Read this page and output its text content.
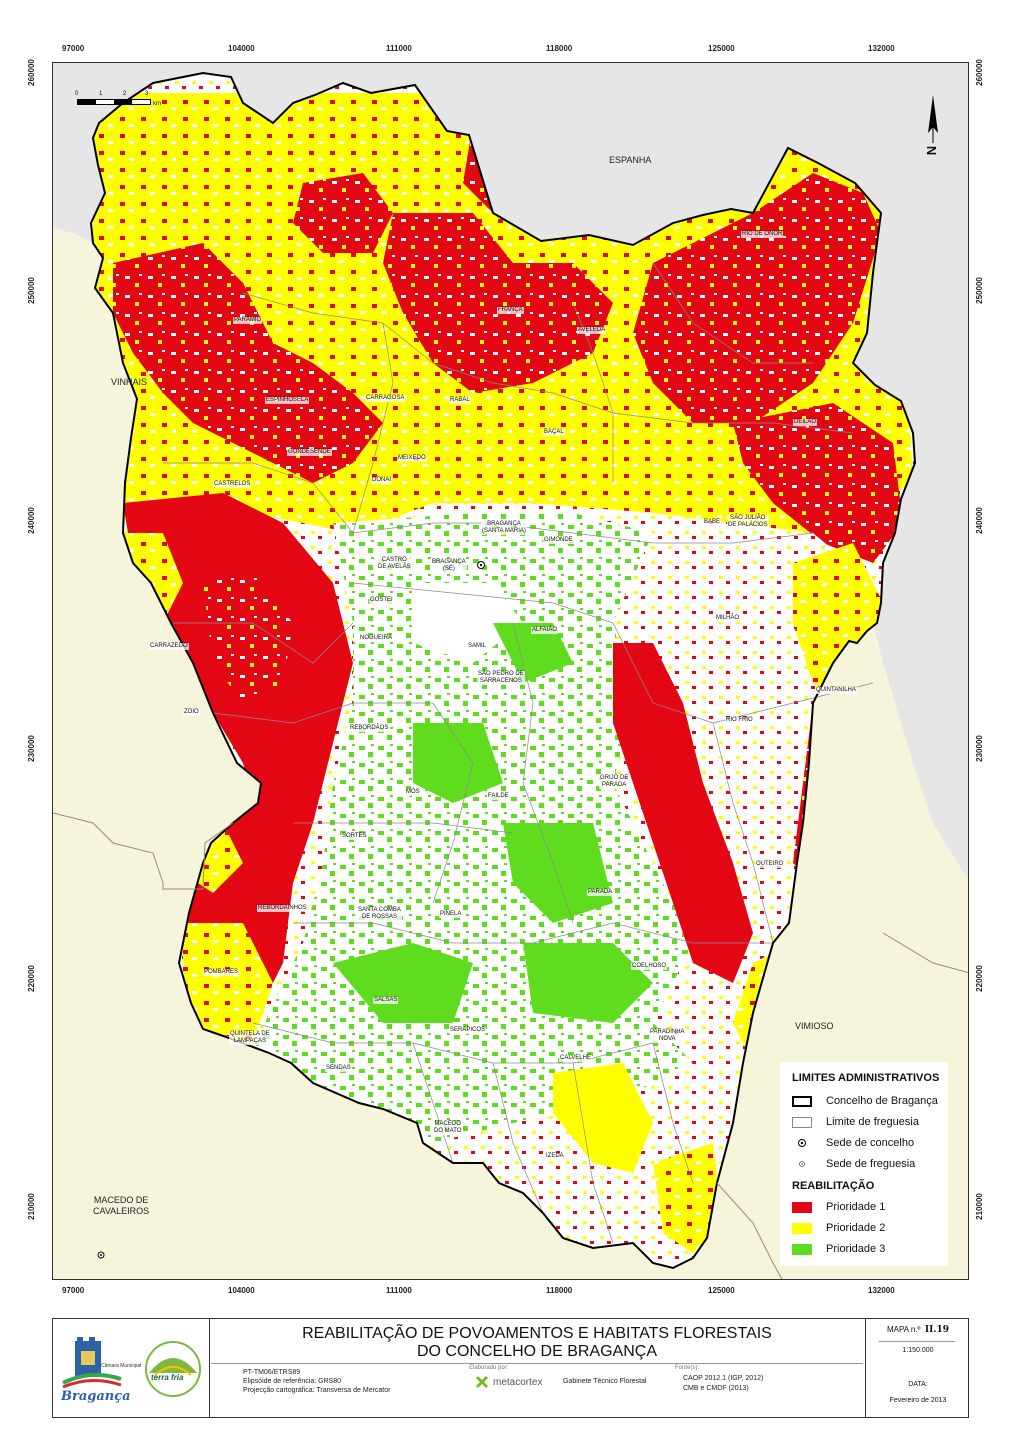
0	1	2	3
km
N
ESPANHA
VINHAIS
VIMIOSO
MACEDO DE
CAVALEIROS
RIO DE ONOR
FRANÇA
AVELEDA
PARÂMIO
ESPINHOSELA	CARRAGOSA	RABAL
BAÇAL
DEILÃO
GONDESENDE
MEIXEDO
DONAI
CASTRELOS
BABE
SÃO JULIÃO
DE PALÁCIOS
BRAGANÇA
(SANTA MARIA)
CASTRO
DE AVELÃS
BRAGANÇA
(SÉ)
GIMONDE
GOSTEI
MILHÃO
NOGUEIRA
SAMIL
ALFAIÃO
CARRAZEDO
SÃO PEDRO DE
SARRACENOS
QUINTANILHA
ZOIO
REBORDÃOS
RIO FRIO
GRIJÓ DE
PARADA
MÓS
FAILDE
SORTES
OUTEIRO
PARADA
REBORDAINHOS	SANTA COMBA
DE ROSSAS	PINELA
COELHOSO
POMBARES
SALSAS
QUINTELA DE
LAMPAÇAS
SERAPICOS	PARADINHA
NOVA
SENDAS
CALVELHE
MACEDO
DO MATO
IZEDA
97000	104000	111000	118000	125000	132000
97000	104000	111000	118000	125000	132000
260000
250000
240000
230000
220000
210000
260000
250000
240000
230000
220000
210000
LIMITES ADMINISTRATIVOS
Concelho de Bragança
Limite de freguesia
Sede de concelho
Sede de freguesia
REABILITAÇÃO
Prioridade 1
Prioridade 2
Prioridade 3
Câmara Municipal
Bragança
terra fria
REABILITAÇÃO DE POVOAMENTOS E HABITATS FLORESTAIS
DO CONCELHO DE BRAGANÇA
PT-TM06/ETRS89
Elipsóide de referência: GRS80
Projecção cartográfica: Transversa de Mercator
Elaborado por:
metacortex	Gabinete Técnico Florestal
Fonte(s):
CAOP 2012.1 (IGP, 2012)
CMB e CMDF (2013)
MAPA n.º II.19
1:150.000
DATA:
Fevereiro de 2013
